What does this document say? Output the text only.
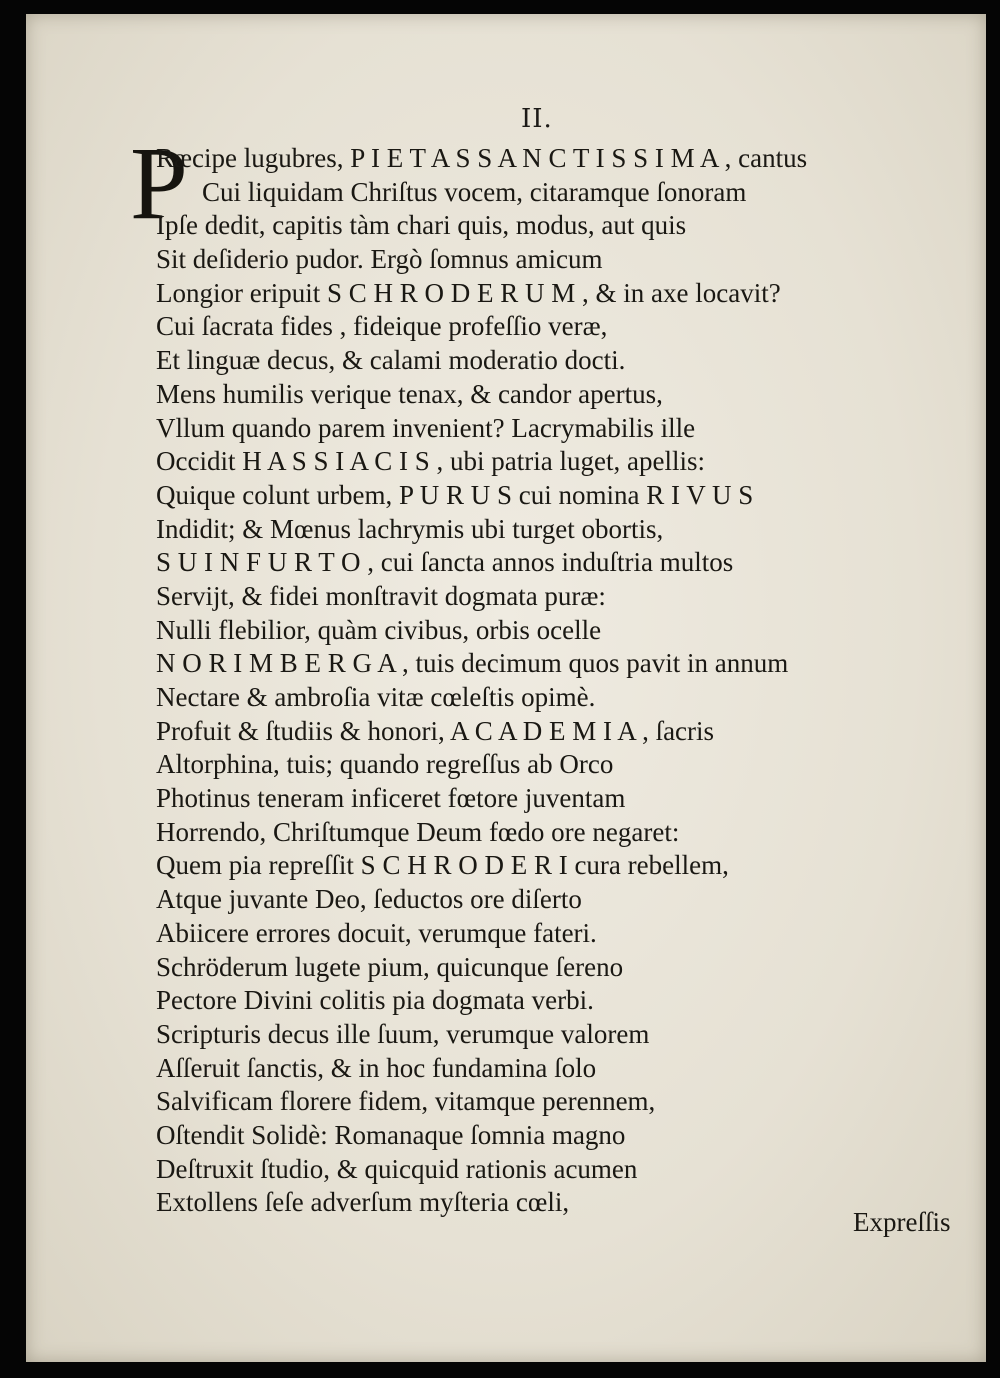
II.
P
Ræcipe lugubres, P I E T A S S A N C T I S S I M A , cantus
Cui liquidam Chriſtus vocem, citaramque ſonoram
Ipſe dedit, capitis tàm chari quis, modus, aut quis
Sit deſiderio pudor. Ergò ſomnus amicum
Longior eripuit S C H R O D E R U M , & in axe locavit?
Cui ſacrata fides , fideique profeſſio veræ,
Et linguæ decus, & calami moderatio docti.
Mens humilis verique tenax, & candor apertus,
Vllum quando parem invenient? Lacrymabilis ille
Occidit H A S S I A C I S , ubi patria luget, apellis:
Quique colunt urbem, P U R U S cui nomina R I V U S
Indidit; & Mœnus lachrymis ubi turget obortis,
S U I N F U R T O , cui ſancta annos induſtria multos
Servijt, & fidei monſtravit dogmata puræ:
Nulli flebilior, quàm civibus, orbis ocelle
N O R I M B E R G A , tuis decimum quos pavit in annum
Nectare & ambroſia vitæ cœleſtis opimè.
Profuit & ſtudiis & honori, A C A D E M I A , ſacris
Altorphina, tuis; quando regreſſus ab Orco
Photinus teneram inficeret fœtore juventam
Horrendo, Chriſtumque Deum fœdo ore negaret:
Quem pia repreſſit S C H R O D E R I cura rebellem,
Atque juvante Deo, ſeductos ore diſerto
Abiicere errores docuit, verumque fateri.
Schröderum lugete pium, quicunque ſereno
Pectore Divini colitis pia dogmata verbi.
Scripturis decus ille ſuum, verumque valorem
Aſſeruit ſanctis, & in hoc fundamina ſolo
Salvificam florere fidem, vitamque perennem,
Oſtendit Solidè: Romanaque ſomnia magno
Deſtruxit ſtudio, & quicquid rationis acumen
Extollens ſeſe adverſum myſteria cœli,
Expreſſis
